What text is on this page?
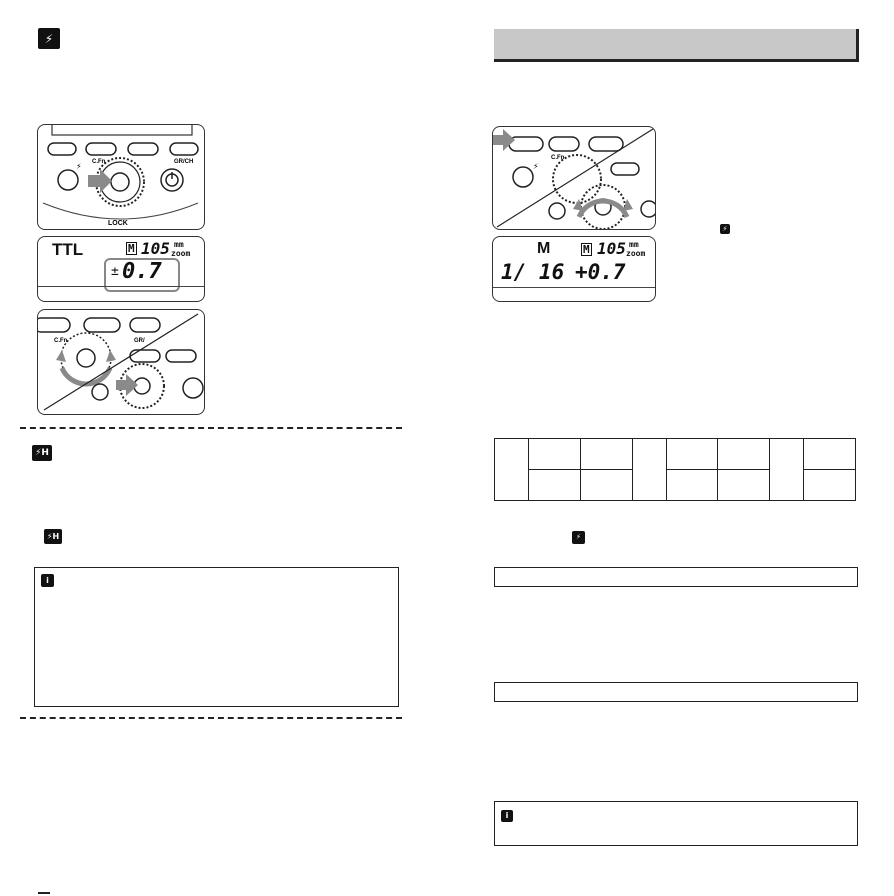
⚡
C.Fn	GR/CH
⚡
LOCK
TTL	M 105 mm
zoom
± 0.7
C.Fn	GR/
⚡H
⚡H
i
C.Fn
⚡
M	M 105 mm
zoom
1/ 16 +0.7
⚡

⚡
i
